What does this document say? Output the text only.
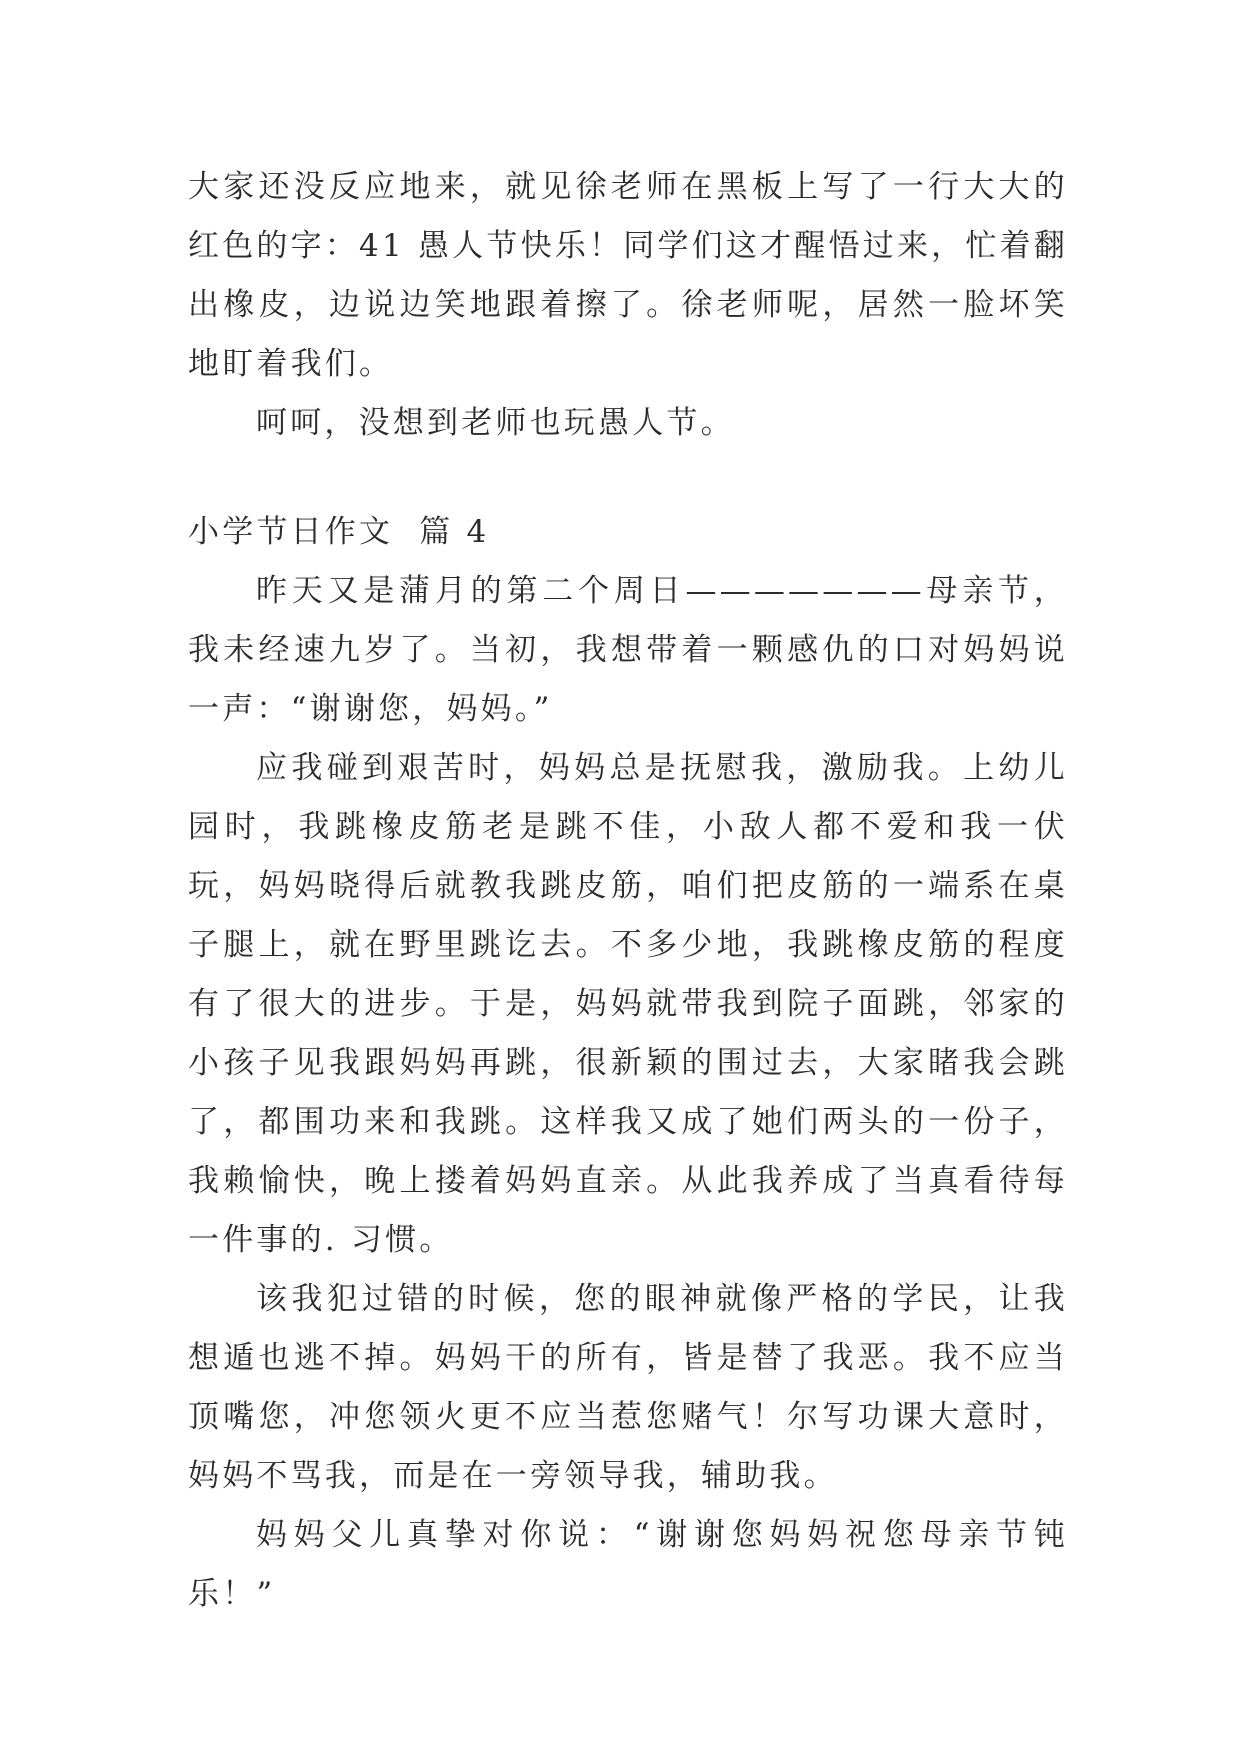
大家还没反应地来，就见徐老师在黑板上写了一行大大的红色的字：41 愚人节快乐！同学们这才醒悟过来，忙着翻出橡皮，边说边笑地跟着擦了。徐老师呢，居然一脸坏笑地盯着我们。

呵呵，没想到老师也玩愚人节。

小学节日作文  篇 4

昨天又是蒲月的第二个周日———————母亲节，我未经速九岁了。当初，我想带着一颗感仇的口对妈妈说一声：“谢谢您，妈妈。”

应我碰到艰苦时，妈妈总是抚慰我，激励我。上幼儿园时，我跳橡皮筋老是跳不佳，小敌人都不爱和我一伏玩，妈妈晓得后就教我跳皮筋，咱们把皮筋的一端系在桌子腿上，就在野里跳讫去。不多少地，我跳橡皮筋的程度有了很大的进步。于是，妈妈就带我到院子面跳，邻家的小孩子见我跟妈妈再跳，很新颖的围过去，大家睹我会跳了，都围功来和我跳。这样我又成了她们两头的一份子，我赖愉快，晚上搂着妈妈直亲。从此我养成了当真看待每一件事的. 习惯。

该我犯过错的时候，您的眼神就像严格的学民，让我想遁也逃不掉。妈妈干的所有，皆是替了我恶。我不应当顶嘴您，冲您领火更不应当惹您赌气！尔写功课大意时，妈妈不骂我，而是在一旁领导我，辅助我。

妈妈父儿真挚对你说：“谢谢您妈妈祝您母亲节钝乐！”
